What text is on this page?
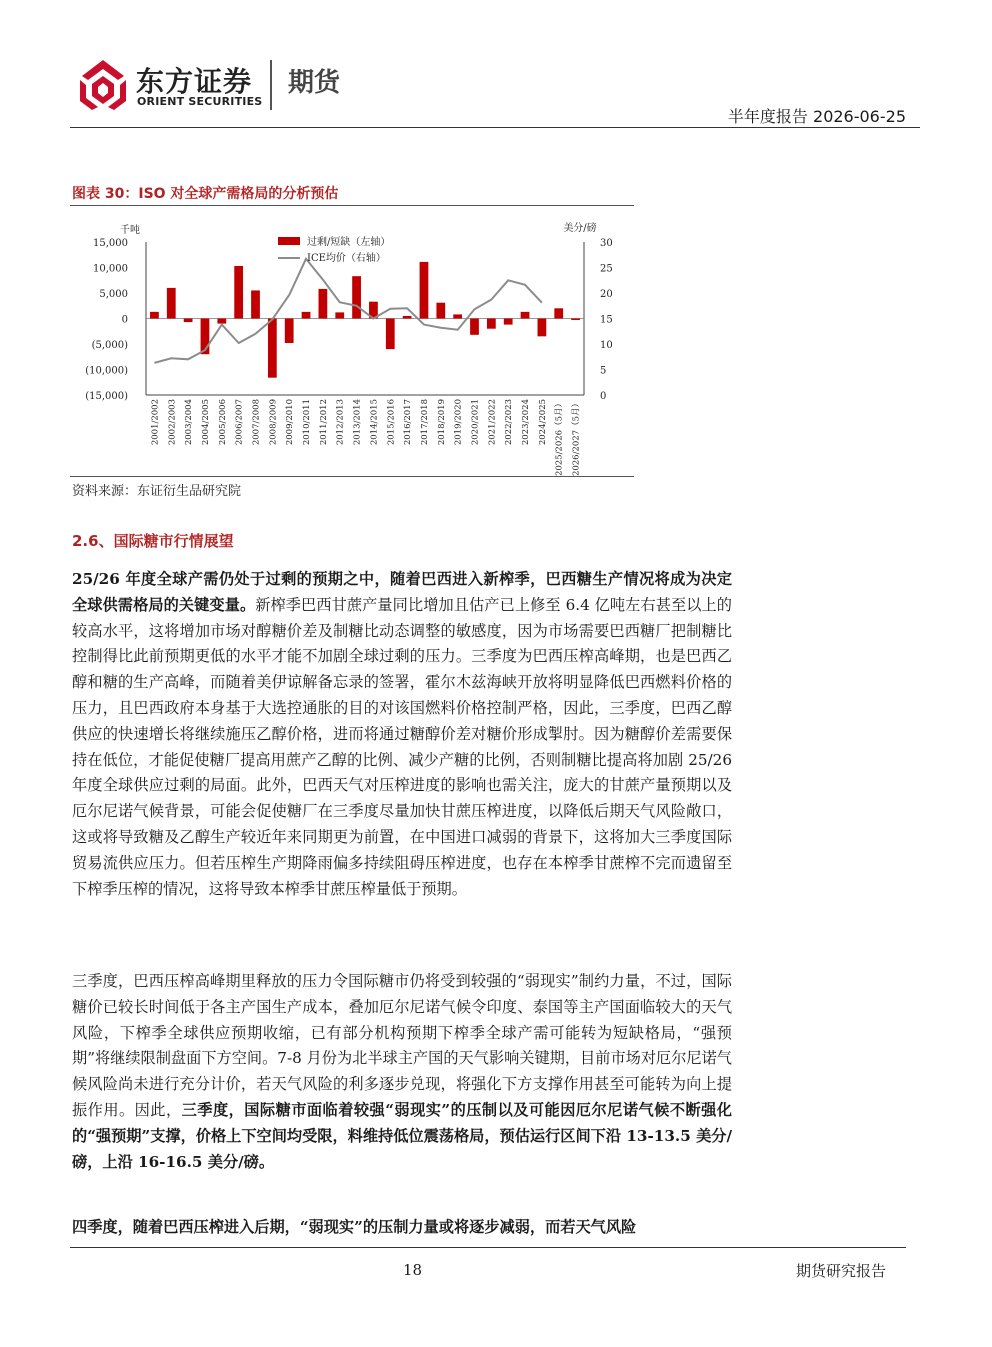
东方证券
ORIENT SECURITIES
期货
半年度报告 2026-06-25
图表 30：ISO 对全球产需格局的分析预估
千吨	美分/磅
15,000
10,000
5,000
0
(5,000)
(10,000)
(15,000)
30
25
20
15
10
5
0
过剩/短缺（左轴）
ICE均价（右轴）
2001/2002 2002/2003 2003/2004 2004/2005 2005/2006 2006/2007 2007/2008 2008/2009 2009/2010 2010/2011 2011/2012 2012/2013 2013/2014 2014/2015 2015/2016 2016/2017 2017/2018 2018/2019 2019/2020 2020/2021 2021/2022 2022/2023 2023/2024 2024/2025 2025/2026（5月） 2026/2027（5月）
资料来源：东证衍生品研究院
2.6、国际糖市行情展望
25/26 年度全球产需仍处于过剩的预期之中，随着巴西进入新榨季，巴西糖生产情况将成为决定全球供需格局的关键变量。新榨季巴西甘蔗产量同比增加且估产已上修至 6.4 亿吨左右甚至以上的较高水平，这将增加市场对醇糖价差及制糖比动态调整的敏感度，因为市场需要巴西糖厂把制糖比控制得比此前预期更低的水平才能不加剧全球过剩的压力。三季度为巴西压榨高峰期，也是巴西乙醇和糖的生产高峰，而随着美伊谅解备忘录的签署，霍尔木兹海峡开放将明显降低巴西燃料价格的压力，且巴西政府本身基于大选控通胀的目的对该国燃料价格控制严格，因此，三季度，巴西乙醇供应的快速增长将继续施压乙醇价格，进而将通过糖醇价差对糖价形成掣肘。因为糖醇价差需要保持在低位，才能促使糖厂提高用蔗产乙醇的比例、减少产糖的比例，否则制糖比提高将加剧 25/26 年度全球供应过剩的局面。此外，巴西天气对压榨进度的影响也需关注，庞大的甘蔗产量预期以及厄尔尼诺气候背景，可能会促使糖厂在三季度尽量加快甘蔗压榨进度，以降低后期天气风险敞口，这或将导致糖及乙醇生产较近年来同期更为前置，在中国进口减弱的背景下，这将加大三季度国际贸易流供应压力。但若压榨生产期降雨偏多持续阻碍压榨进度，也存在本榨季甘蔗榨不完而遗留至下榨季压榨的情况，这将导致本榨季甘蔗压榨量低于预期。
三季度，巴西压榨高峰期里释放的压力令国际糖市仍将受到较强的“弱现实”制约力量，不过，国际糖价已较长时间低于各主产国生产成本，叠加厄尔尼诺气候令印度、泰国等主产国面临较大的天气风险，下榨季全球供应预期收缩，已有部分机构预期下榨季全球产需可能转为短缺格局，“强预期”将继续限制盘面下方空间。7-8 月份为北半球主产国的天气影响关键期，目前市场对厄尔尼诺气候风险尚未进行充分计价，若天气风险的利多逐步兑现，将强化下方支撑作用甚至可能转为向上提振作用。因此，三季度，国际糖市面临着较强“弱现实”的压制以及可能因厄尔尼诺气候不断强化的“强预期”支撑，价格上下空间均受限，料维持低位震荡格局，预估运行区间下沿 13-13.5 美分/磅，上沿 16-16.5 美分/磅。
四季度，随着巴西压榨进入后期，“弱现实”的压制力量或将逐步减弱，而若天气风险
18	期货研究报告
